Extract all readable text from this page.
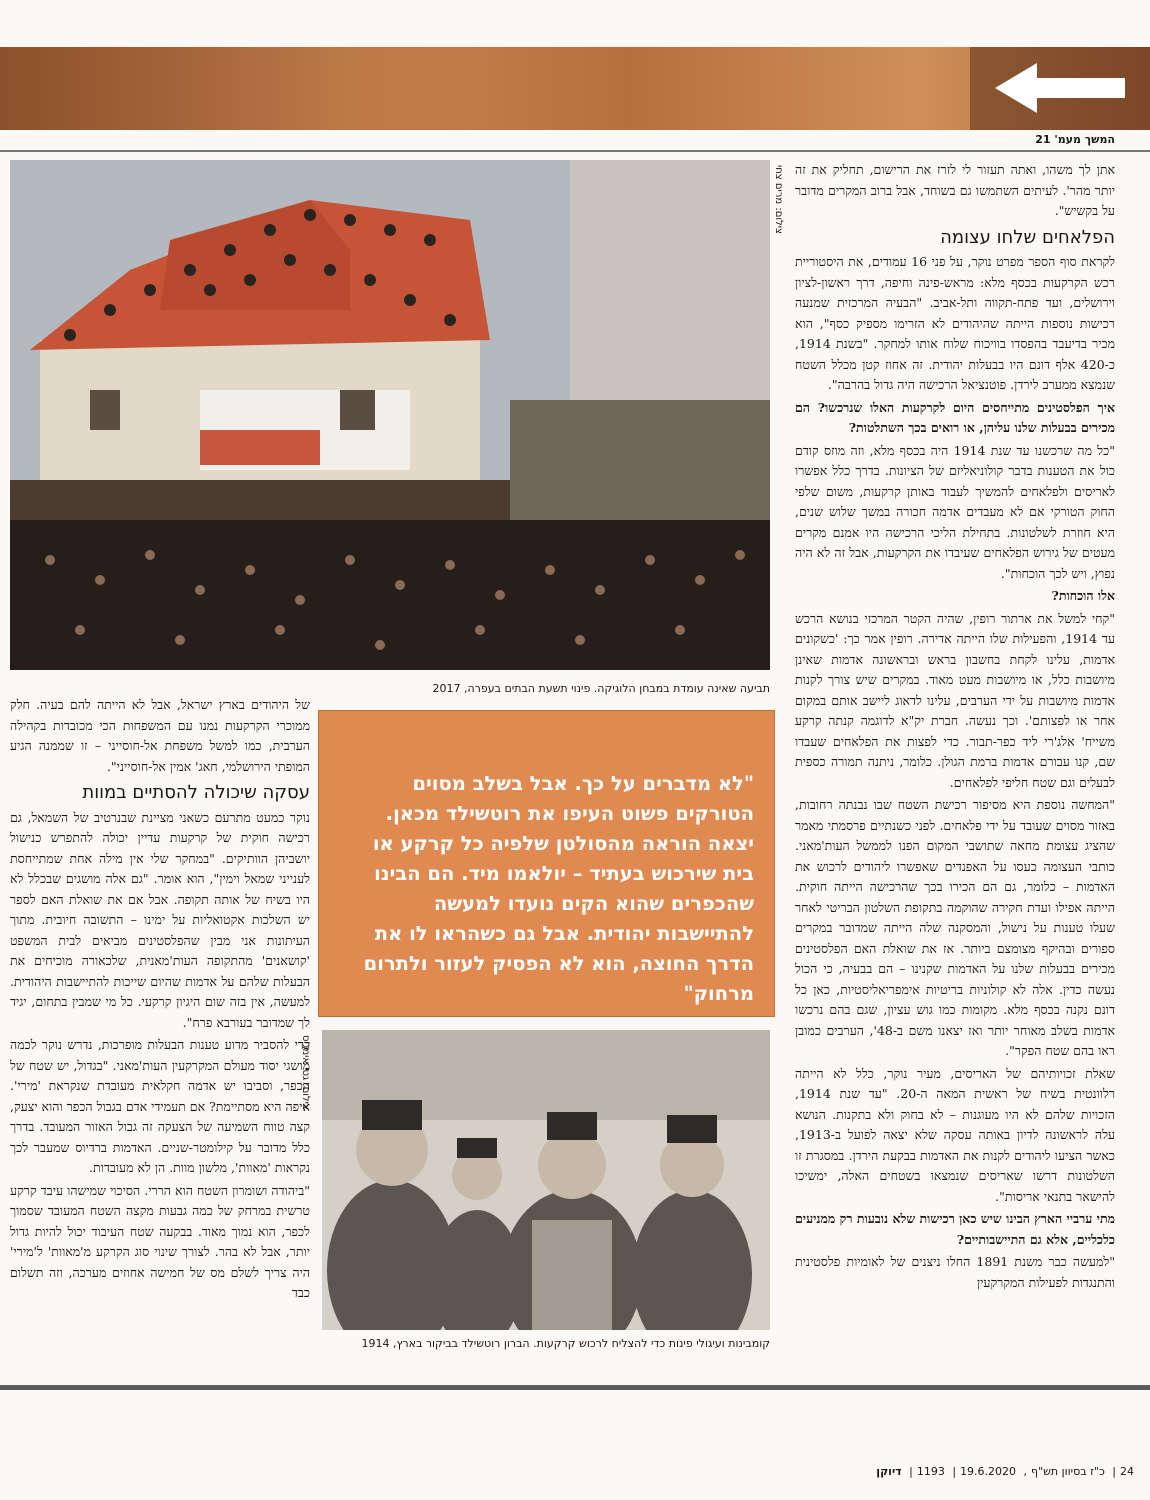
המשך מעמ' 21

אתן לך משהו, ואתה תעזור לי לזרז את הרישום, תחליק את זה יותר מהר'. לעיתים השתמשו גם בשוחד, אבל ברוב המקרים מדובר על בקשיש".

הפלאחים שלחו עצומה

לקראת סוף הספר מפרט נוקר, על פני 16 עמודים, את היסטוריית רכש הקרקעות בכסף מלא: מראש-פינה וחיפה, דרך ראשון-לציון וירושלים, ועד פתח-תקווה ותל-אביב. "הבעיה המרכזית שמנעה רכישות נוספות הייתה שהיהודים לא הזרימו מספיק כסף", הוא מכיר בדיעבד בהפסדו בוויכוח שלוח אותו למחקר. "בשנת 1914, כ-420 אלף דונם היו בבעלות יהודית. זה אחוז קטן מכלל השטח שנמצא ממערב לירדן. פוטנציאל הרכישה היה גדול בהרבה".

איך הפלסטינים מתייחסים היום לקרקעות האלו שנרכשו? הם מכירים בבעלות שלנו עליהן, או רואים בכך השתלטות?

"כל מה שרכשנו עד שנת 1914 היה בכסף מלא, וזה מוזס קודם כול את הטענות בדבר קולוניאליזם של הציונות. בדרך כלל אפשרו לאריסים ולפלאחים להמשיך לעבוד באותן קרקעות, משום שלפי החוק הטורקי אם לא מעבדים אדמה חכורה במשך שלוש שנים, היא חוזרת לשלטונות. בתחילת הליכי הרכישה היו אמנם מקרים מעטים של גירוש הפלאחים שעיבדו את הקרקעות, אבל זה לא היה נפוץ, ויש לכך הוכחות".

אלו הוכחות?

"קחי למשל את ארתור רופין, שהיה הקטר המרכזי בנושא הרכש עד 1914, והפעילות שלו הייתה אדירה. רופין אמר כך: 'כשקונים אדמות, עלינו לקחת בחשבון בראש ובראשונה אדמות שאינן מיושבות כלל, או מיושבות מעט מאוד. במקרים שיש צורך לקנות אדמות מיושבות על ידי הערבים, עלינו לדאוג ליישב אותם במקום אחר או לפצותם'. וכך נעשה. חברת יק"א לדוגמה קנתה קרקע משייח' אלג'רי ליד כפר-תבור. כדי לפצות את הפלאחים שעבדו שם, קנו עבורם אדמות ברמת הגולן. כלומר, ניתנה תמורה כספית לבעלים וגם שטח חליפי לפלאחים.

"המחשה נוספת היא מסיפור רכישת השטח שבו נבנתה רחובות, באזור מסוים שעובד על ידי פלאחים. לפני כשנתיים פרסמתי מאמר שהציג עצומת מחאה שתושבי המקום הפנו לממשל העות'מאני. כותבי העצומה כעסו על האפנדים שאפשרו ליהודים לרכוש את האדמות – כלומר, גם הם הכירו בכך שהרכישה הייתה חוקית. הייתה אפילו ועדת חקירה שהוקמה בתקופת השלטון הבריטי לאחר שעלו טענות על נישול, והמסקנה שלה הייתה שמדובר במקרים ספורים ובהיקף מצומצם ביותר. אז את שואלת האם הפלסטינים מכירים בבעלות שלנו על האדמות שקנינו – הם בבעיה, כי הכול נעשה כדין. אלה לא קולוניות בריטיות אימפריאליסטיות, כאן כל דונם נקנה בכסף מלא. מקומות כמו גוש עציון, שגם בהם נרכשו אדמות בשלב מאוחר יותר ואז יצאנו משם ב-48', הערבים כמובן ראו בהם שטח הפקר".

שאלת זכויותיהם של האריסים, מעיר נוקר, כלל לא הייתה רלוונטית בשיח של ראשית המאה ה-20. "עד שנת 1914, הזכויות שלהם לא היו מעוגנות – לא בחוק ולא בתקנות. הנושא עלה לראשונה לדיון באותה עסקה שלא יצאה לפועל ב-1913, כאשר הציעו ליהודים לקנות את האדמות בבקעת הירדן. במסגרת זו השלטונות דרשו שאריסים שנמצאו בשטחים האלה, ימשיכו להישאר בתנאי אריסות".

מתי ערביי הארץ הבינו שיש כאן רכישות שלא נובעות רק ממניעים כלכליים, אלא גם התיישבותיים?

"למעשה כבר משנת 1891 החלו ניצנים של לאומיות פלסטינית והתנגדות לפעילות המקרקעין

צילום: מרים צחי
תביעה שאינה עומדת במבחן הלוגיקה. פינוי תשעת הבתים בעפרה, 2017

של היהודים בארץ ישראל, אבל לא הייתה להם בעיה. חלק ממוכרי הקרקעות נמנו עם המשפחות הכי מכובדות בקהילה הערבית, כמו למשל משפחת אל-חוסייני – זו שממנה הגיע המופתי הירושלמי, חאג' אמין אל-חוסייני".

עסקה שיכולה להסתיים במוות

נוקר כמעט מתרעם כשאני מציינת שבנרטיב של השמאל, גם רכישה חוקית של קרקעות עדיין יכולה להתפרש כנישול יושביהן הוותיקים. "במחקר שלי אין מילה אחת שמתייחסת לענייני שמאל וימין", הוא אומר. "גם אלה מושגים שבכלל לא היו בשיח של אותה תקופה. אבל אם את שואלת האם לספר יש השלכות אקטואליות על ימינו – התשובה חיובית. מתוך העיתונות אני מבין שהפלסטינים מביאים לבית המשפט 'קושאנים' מהתקופה העות'מאנית, שלכאורה מוכיחים את הבעלות שלהם על אדמות שהיום שייכות להתיישבות היהודית. למעשה, אין בזה שום היגיון קרקעי. כל מי שמבין בתחום, יגיד לך שמדובר בעורבא פרח".

כדי להסביר מדוע טענות הבעלות מופרכות, נדרש נוקר לכמה מושגי יסוד מעולם המקרקעין העות'מאני. "בגדול, יש שטח של הכפר, וסביבו יש אדמה חקלאית מעובדת שנקראת 'מירי'. איפה היא מסתיימת? אם תעמידי אדם בגבול הכפר והוא יצעק, קצה טווח השמיעה של הצעקה זה גבול האזור המעובד. בדרך כלל מדובר על קילומטר-שניים. האדמות ברדיוס שמעבר לכך נקראות 'מאוות', מלשון מוות. הן לא מעובדות.

"ביהודה ושומרון השטח הוא הררי. הסיכוי שמישהו עיבד קרקע טרשית במרחק של כמה גבעות מקצה השטח המעובד שסמוך לכפר, הוא נמוך מאוד. בבקעה שטח העיבוד יכול להיות גדול יותר, אבל לא בהר. לצורך שינוי סוג הקרקע מ'מאוות' ל'מירי' היה צריך לשלם מס של חמישה אחוזים מערכה, וזה תשלום כבד

"לא מדברים על כך. אבל בשלב מסוים הטורקים פשוט העיפו את רוטשילד מכאן. יצאה הוראה מהסולטן שלפיה כל קרקע או בית שירכוש בעתיד – יולאמו מיד. הם הבינו שהכפרים שהוא הקים נועדו למעשה להתיישבות יהודית. אבל גם כשהראו לו את הדרך החוצה, הוא לא הפסיק לעזור ולתרום מרחוק"
צילום: גטי אימג'ס
קומבינות ועיגולי פינות כדי להצליח לרכוש קרקעות. הברון רוטשילד בביקור בארץ, 1914
24| כ"ז בסיוון תש"ף, 19.6.2020| 1193| דיוקן
